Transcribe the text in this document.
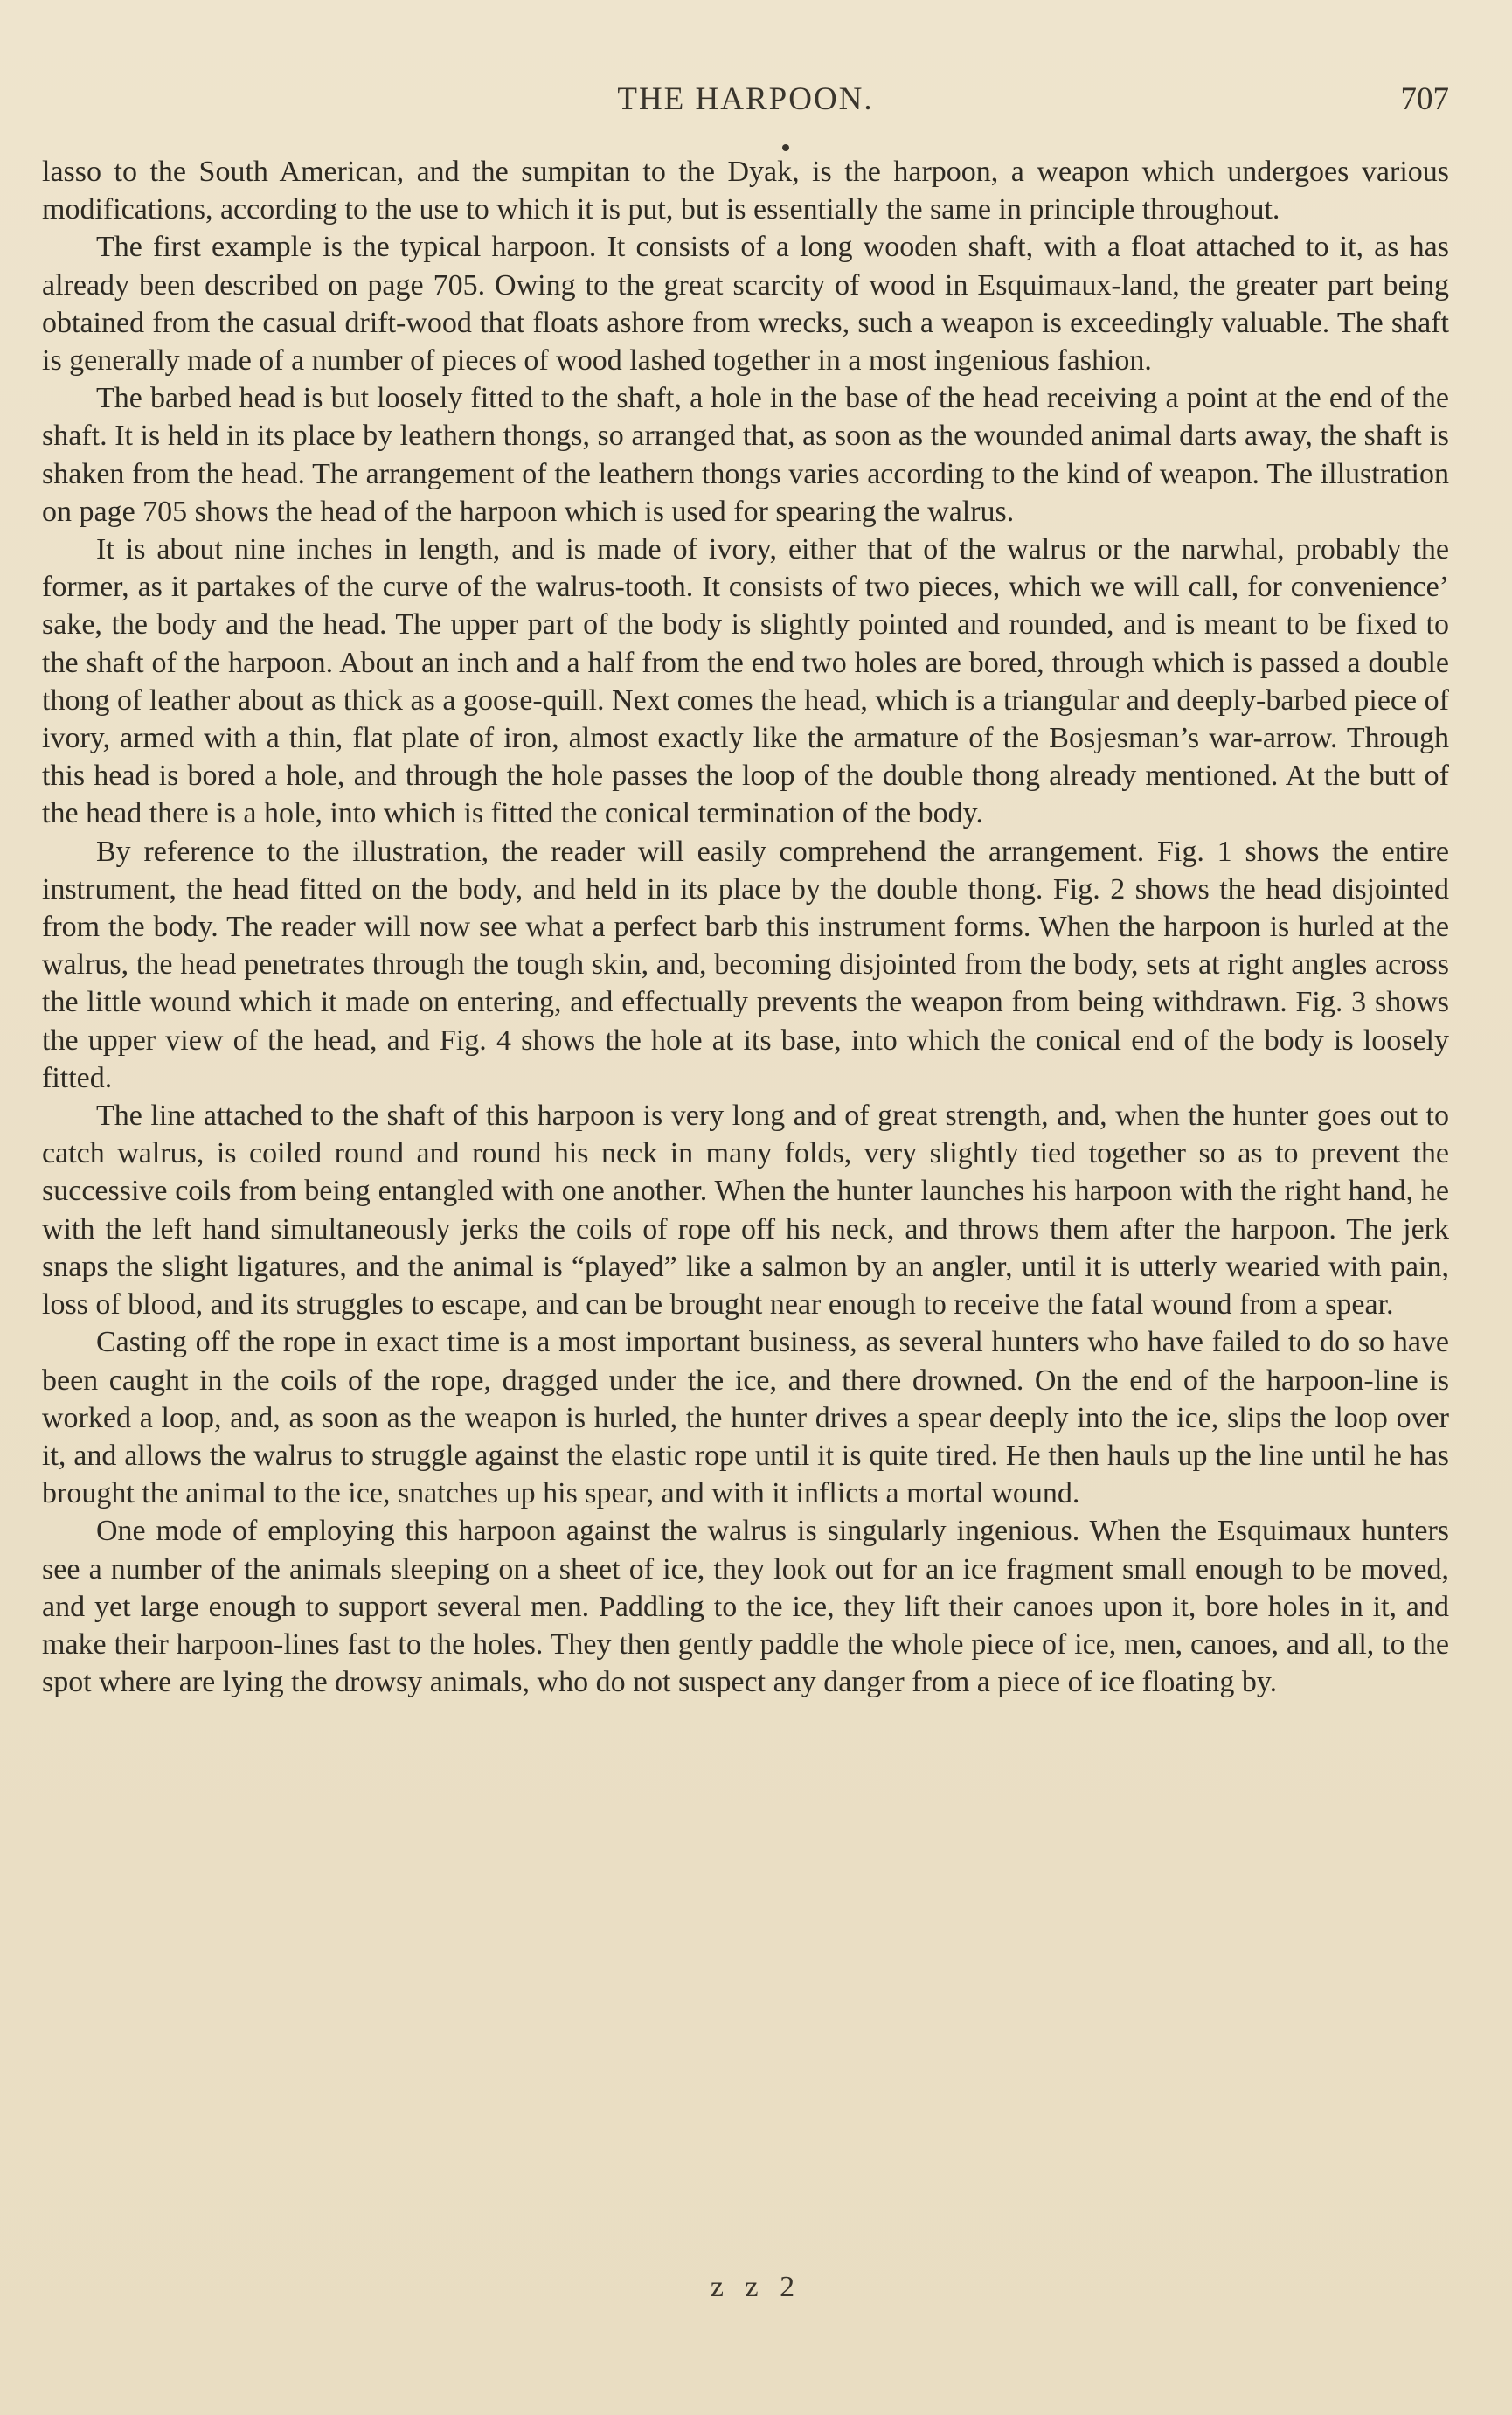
THE HARPOON.	707

lasso to the South American, and the sumpitan to the Dyak, is the harpoon, a weapon which undergoes various modifications, according to the use to which it is put, but is essentially the same in principle throughout.

The first example is the typical harpoon. It consists of a long wooden shaft, with a float attached to it, as has already been described on page 705. Owing to the great scarcity of wood in Esquimaux-land, the greater part being obtained from the casual drift-wood that floats ashore from wrecks, such a weapon is exceedingly valuable. The shaft is generally made of a number of pieces of wood lashed together in a most ingenious fashion.

The barbed head is but loosely fitted to the shaft, a hole in the base of the head receiving a point at the end of the shaft. It is held in its place by leathern thongs, so arranged that, as soon as the wounded animal darts away, the shaft is shaken from the head. The arrangement of the leathern thongs varies according to the kind of weapon. The illustration on page 705 shows the head of the harpoon which is used for spearing the walrus.

It is about nine inches in length, and is made of ivory, either that of the walrus or the narwhal, probably the former, as it partakes of the curve of the walrus-tooth. It consists of two pieces, which we will call, for convenience’ sake, the body and the head. The upper part of the body is slightly pointed and rounded, and is meant to be fixed to the shaft of the harpoon. About an inch and a half from the end two holes are bored, through which is passed a double thong of leather about as thick as a goose-quill. Next comes the head, which is a triangular and deeply-barbed piece of ivory, armed with a thin, flat plate of iron, almost exactly like the armature of the Bosjesman’s war-arrow. Through this head is bored a hole, and through the hole passes the loop of the double thong already mentioned. At the butt of the head there is a hole, into which is fitted the conical termination of the body.

By reference to the illustration, the reader will easily comprehend the arrangement. Fig. 1 shows the entire instrument, the head fitted on the body, and held in its place by the double thong. Fig. 2 shows the head disjointed from the body. The reader will now see what a perfect barb this instrument forms. When the harpoon is hurled at the walrus, the head penetrates through the tough skin, and, becoming disjointed from the body, sets at right angles across the little wound which it made on entering, and effectually prevents the weapon from being withdrawn. Fig. 3 shows the upper view of the head, and Fig. 4 shows the hole at its base, into which the conical end of the body is loosely fitted.

The line attached to the shaft of this harpoon is very long and of great strength, and, when the hunter goes out to catch walrus, is coiled round and round his neck in many folds, very slightly tied together so as to prevent the successive coils from being entangled with one another. When the hunter launches his harpoon with the right hand, he with the left hand simultaneously jerks the coils of rope off his neck, and throws them after the harpoon. The jerk snaps the slight ligatures, and the animal is “played” like a salmon by an angler, until it is utterly wearied with pain, loss of blood, and its struggles to escape, and can be brought near enough to receive the fatal wound from a spear.

Casting off the rope in exact time is a most important business, as several hunters who have failed to do so have been caught in the coils of the rope, dragged under the ice, and there drowned. On the end of the harpoon-line is worked a loop, and, as soon as the weapon is hurled, the hunter drives a spear deeply into the ice, slips the loop over it, and allows the walrus to struggle against the elastic rope until it is quite tired. He then hauls up the line until he has brought the animal to the ice, snatches up his spear, and with it inflicts a mortal wound.

One mode of employing this harpoon against the walrus is singularly ingenious. When the Esquimaux hunters see a number of the animals sleeping on a sheet of ice, they look out for an ice fragment small enough to be moved, and yet large enough to support several men. Paddling to the ice, they lift their canoes upon it, bore holes in it, and make their harpoon-lines fast to the holes. They then gently paddle the whole piece of ice, men, canoes, and all, to the spot where are lying the drowsy animals, who do not suspect any danger from a piece of ice floating by.

z z 2
